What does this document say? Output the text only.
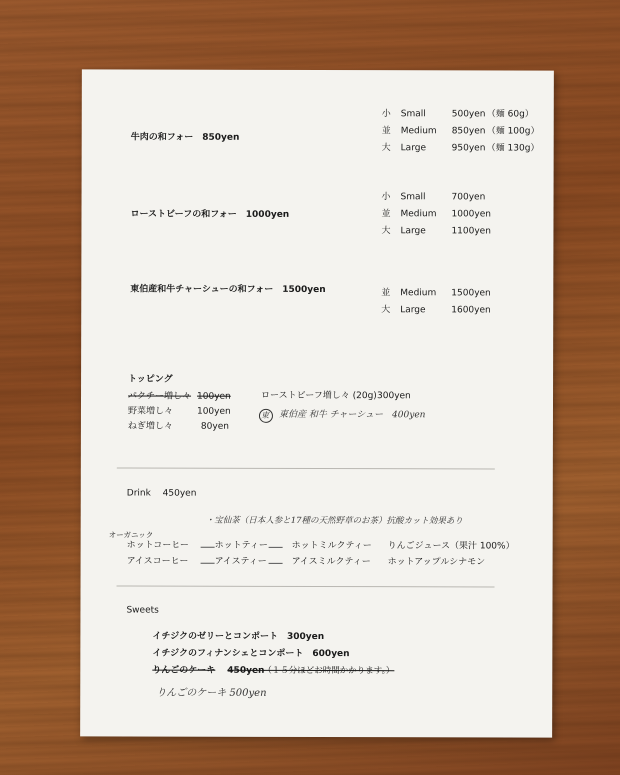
牛肉の和フォー　850yen
小 Small	500yen （麺 60g）
並 Medium 850yen （麺 100g）
大 Large	950yen （麺 130g）
ローストビーフの和フォー　1000yen
小 Small	700yen
並 Medium 1000yen
大 Large	1100yen
東伯産和牛チャーシューの和フォー　1500yen	並 Medium 1500yen
大 Large	1600yen
トッピング
パクチー増し々 100yen
野菜増し々	100yen
ねぎ増し々	80yen
ローストビーフ増し々 (20g) 300yen
東 東伯産 和牛 チャーシュー　400yen
Drink　 450yen
・宝仙茶（日本人参と17種の天然野草のお茶）抗酸カット効果あり
オーガニック
ホットコーヒー	ホットティー	ホットミルクティー りんごジュース（果汁 100%）
アイスコーヒー	アイスティー	アイスミルクティー ホットアップルシナモン
Sweets
イチジクのゼリーとコンポート　300yen
イチジクのフィナンシェとコンポート　600yen
りんごのケーキ 450yen
（１５分ほどお時間かかります。）
りんごのケーキ 500yen
